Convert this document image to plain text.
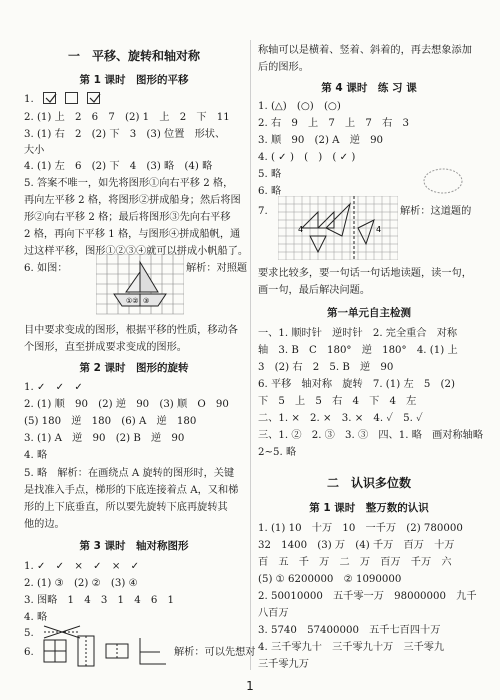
一　平移、旋转和轴对称
第 1 课时　图形的平移
1.

2. (1) 上　2　6　7　(2) 1　上　2　下　11
3. (1) 右　2　(2) 下　3　(3) 位置　形状、
大小
4. (1) 左　6　(2) 下　4　(3) 略　(4) 略
5. 答案不唯一，如先将图形①向右平移 2 格，
再向左平移 2 格，将图形②拼成船身；然后将图
形②向右平移 2 格；最后将图形③先向右平移
2 格，再向下平移 1 格，与图形④拼成船帆，通
过这样平移，图形①②③④就可以拼成小帆船了。
6. 如图：
①② ③
解析：对照题
目中要求变成的图形，根据平移的性质，移动各
个图形，直至拼成要求变成的图形。
第 2 课时　图形的旋转
1. ✓　✓　✓
2. (1) 顺　90　(2) 逆　90　(3) 顺　O　90
(5) 180　逆　180　(6) A　逆　180
3. (1) A　逆　90　(2) B　逆　90
4. 略
5. 略　解析：在画绕点 A 旋转的图形时，关键
是找准入手点，梯形的下底连接着点 A，又和梯
形的上下底垂直，所以要先旋转下底再旋转其
他的边。
第 3 课时　轴对称图形
1. ✓　✓　×　✓　×　✓
2. (1) ③　(2) ②　(3) ④
3. 图略　1　4　3　1　4　6　1
4. 略
5.
6.	解析：可以先想对
称轴可以是横着、竖着、斜着的，再去想象添加
后的图形。
第 4 课时　练 习 课
1. (△)　(○)　(○)
2. 右　9　上　7　上　7　右　3
3. 顺　90　(2) A　逆　90
4. ( ✓ )　(　)　( ✓ )
5. 略
6. 略
7.
4	4
解析：这道题的
要求比较多，要一句话一句话地读题，读一句，
画一句，最后解决问题。
第一单元自主检测
一、1. 顺时针　逆时针　2. 完全重合　对称
轴　3. B　C　180°　逆　180°　4. (1) 上
3　(2) 右　2　5. B　逆　90
6. 平移　轴对称　旋转　7. (1) 左　5　(2)
下　5　上　5　右　4　下　4　左
二、1. ×　2. ×　3. ×　4. ✓　5. ✓
三、1. ②　2. ③　3. ③　四、1. 略　画对称轴略
2~5. 略
二　认识多位数
第 1 课时　整万数的认识
1. (1) 10　十万　10　一千万　(2) 780000
32　1400　(3) 万　(4) 千万　百万　十万
百　五　千　万　二　万　百万　千万　六
(5) ① 6200000　② 1090000
2. 50010000　五千零一万　98000000　九千
八百万
3. 5740　57400000　五千七百四十万
4. 三千零九十　三千零九十万　三千零九
三千零九万
1
